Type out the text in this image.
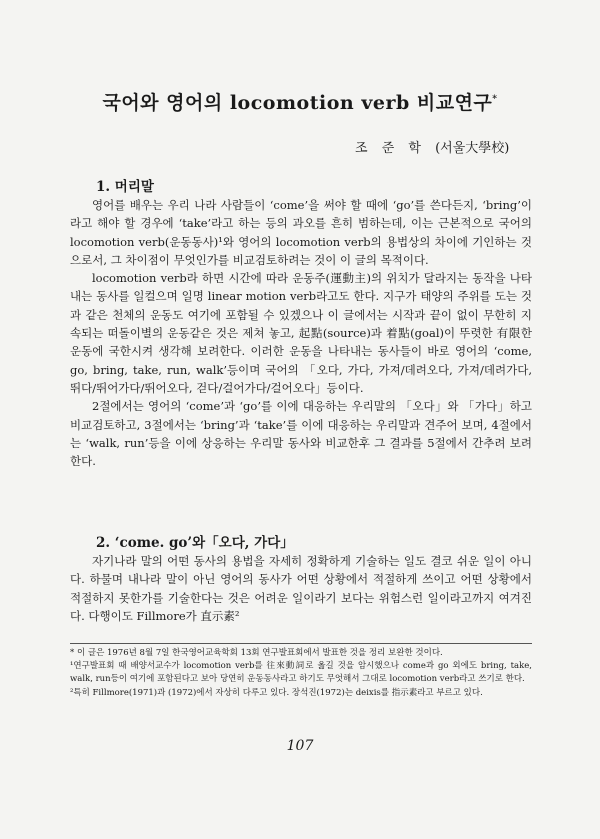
국어와 영어의 locomotion verb 비교연구*
조 준 학 (서울大學校)
1. 머리말

영어를 배우는 우리 나라 사람들이 ‘come’을 써야 할 때에 ‘go’를 쓴다든지, ‘bring’이라고 해야 할 경우에 ‘take’라고 하는 등의 과오를 흔히 범하는데, 이는 근본적으로 국어의 locomotion verb(운동동사)¹와 영어의 locomotion verb의 용법상의 차이에 기인하는 것으로서, 그 차이점이 무엇인가를 비교검토하려는 것이 이 글의 목적이다.

locomotion verb라 하면 시간에 따라 운동주(運動主)의 위치가 달라지는 동작을 나타내는 동사를 일컬으며 일명 linear motion verb라고도 한다. 지구가 태양의 주위를 도는 것과 같은 천체의 운동도 여기에 포함될 수 있겠으나 이 글에서는 시작과 끝이 없이 무한히 지속되는 떠돌이별의 운동같은 것은 제쳐 놓고, 起點(source)과 着點(goal)이 뚜렷한 有限한 운동에 국한시켜 생각해 보려한다. 이러한 운동을 나타내는 동사들이 바로 영어의 ‘come, go, bring, take, run, walk’등이며 국어의 「오다, 가다, 가져/데려오다, 가져/데려가다, 뛰다/뛰어가다/뛰어오다, 걷다/걸어가다/걸어오다」등이다.

2절에서는 영어의 ‘come’과 ‘go’를 이에 대응하는 우리말의 「오다」와 「가다」하고 비교검토하고, 3절에서는 ‘bring’과 ‘take’를 이에 대응하는 우리말과 견주어 보며, 4절에서는 ‘walk, run’등을 이에 상응하는 우리말 동사와 비교한후 그 결과를 5절에서 간추려 보려한다.

2. ‘come. go’와「오다, 가다」

자기나라 말의 어떤 동사의 용법을 자세히 정확하게 기술하는 일도 결코 쉬운 일이 아니다. 하물며 내나라 말이 아닌 영어의 동사가 어떤 상황에서 적절하게 쓰이고 어떤 상황에서 적절하지 못한가를 기술한다는 것은 어려운 일이라기 보다는 위험스런 일이라고까지 여겨진다. 다행이도 Fillmore가 直示素²

* 이 글은 1976년 8월 7일 한국영어교육학회 13회 연구발표회에서 발표한 것을 정리 보완한 것이다.

¹연구발표회 때 배양서교수가 locomotion verb를 往來動詞로 옮길 것을 암시했으나 come과 go 외에도 bring, take, walk, run등이 여기에 포함된다고 보아 당연히 운동동사라고 하기도 무엇해서 그대로 locomotion verb라고 쓰기로 한다.

²특히 Fillmore(1971)과 (1972)에서 자상히 다루고 있다. 장석진(1972)는 deixis를 指示素라고 부르고 있다.

107
